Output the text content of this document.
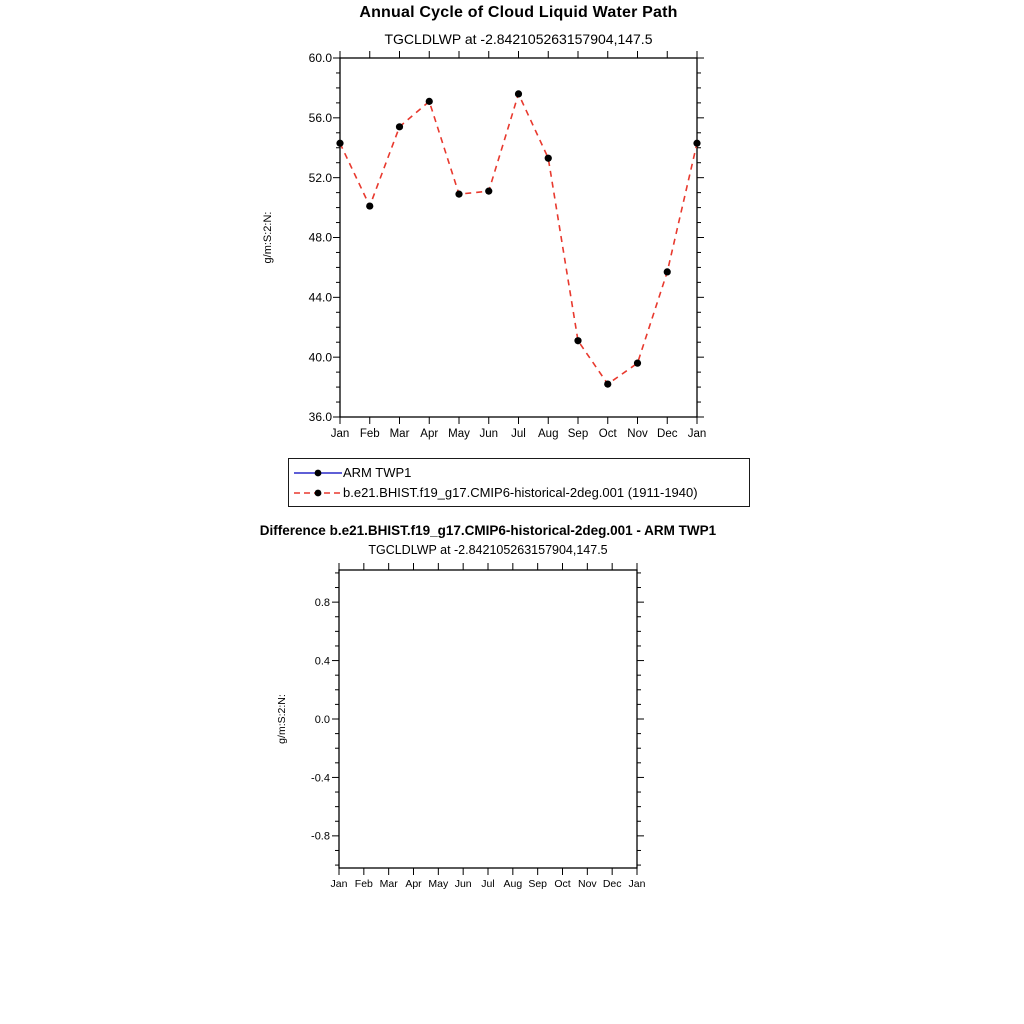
Jan Feb Mar Apr May Jun Jul Aug Sep Oct Nov Dec Jan
60.0
56.0
52.0
48.0
44.0
40.0
36.0
g/m:S:2:N:
Jan Feb Mar Apr May Jun Jul Aug Sep Oct Nov Dec Jan
0.8
0.4
0.0
-0.4
-0.8
g/m:S:2:N:
Annual Cycle of Cloud Liquid Water Path
TGCLDLWP at -2.842105263157904,147.5
ARM TWP1
b.e21.BHIST.f19_g17.CMIP6-historical-2deg.001 (1911-1940)
Difference b.e21.BHIST.f19_g17.CMIP6-historical-2deg.001 - ARM TWP1
TGCLDLWP at -2.842105263157904,147.5
